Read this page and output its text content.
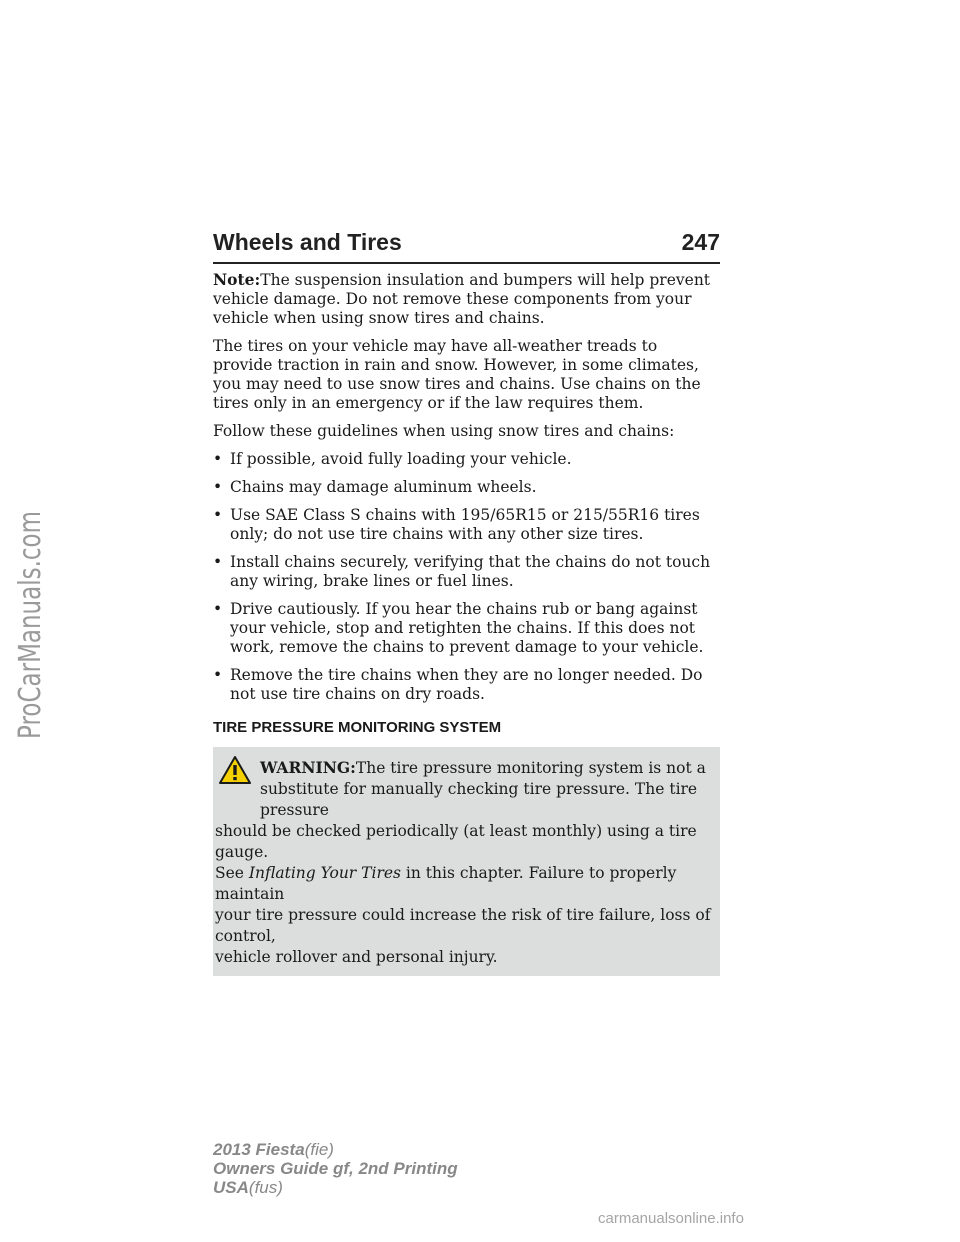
ProCarManuals.com
Wheels and Tires	247

Note:The suspension insulation and bumpers will help prevent vehicle damage. Do not remove these components from your vehicle when using snow tires and chains.

The tires on your vehicle may have all-weather treads to provide traction in rain and snow. However, in some climates, you may need to use snow tires and chains. Use chains on the tires only in an emergency or if the law requires them.

Follow these guidelines when using snow tires and chains:

• If possible, avoid fully loading your vehicle.
• Chains may damage aluminum wheels.
• Use SAE Class S chains with 195/65R15 or 215/55R16 tires only; do not use tire chains with any other size tires.
• Install chains securely, verifying that the chains do not touch any wiring, brake lines or fuel lines.
• Drive cautiously. If you hear the chains rub or bang against your vehicle, stop and retighten the chains. If this does not work, remove the chains to prevent damage to your vehicle.
• Remove the tire chains when they are no longer needed. Do not use tire chains on dry roads.
TIRE PRESSURE MONITORING SYSTEM
WARNING:The tire pressure monitoring system is not a
substitute for manually checking tire pressure. The tire pressure
should be checked periodically (at least monthly) using a tire gauge.
See Inflating Your Tires in this chapter. Failure to properly maintain
your tire pressure could increase the risk of tire failure, loss of control,
vehicle rollover and personal injury.
2013 Fiesta(fie)
Owners Guide gf, 2nd Printing
USA(fus)
carmanualsonline.info
